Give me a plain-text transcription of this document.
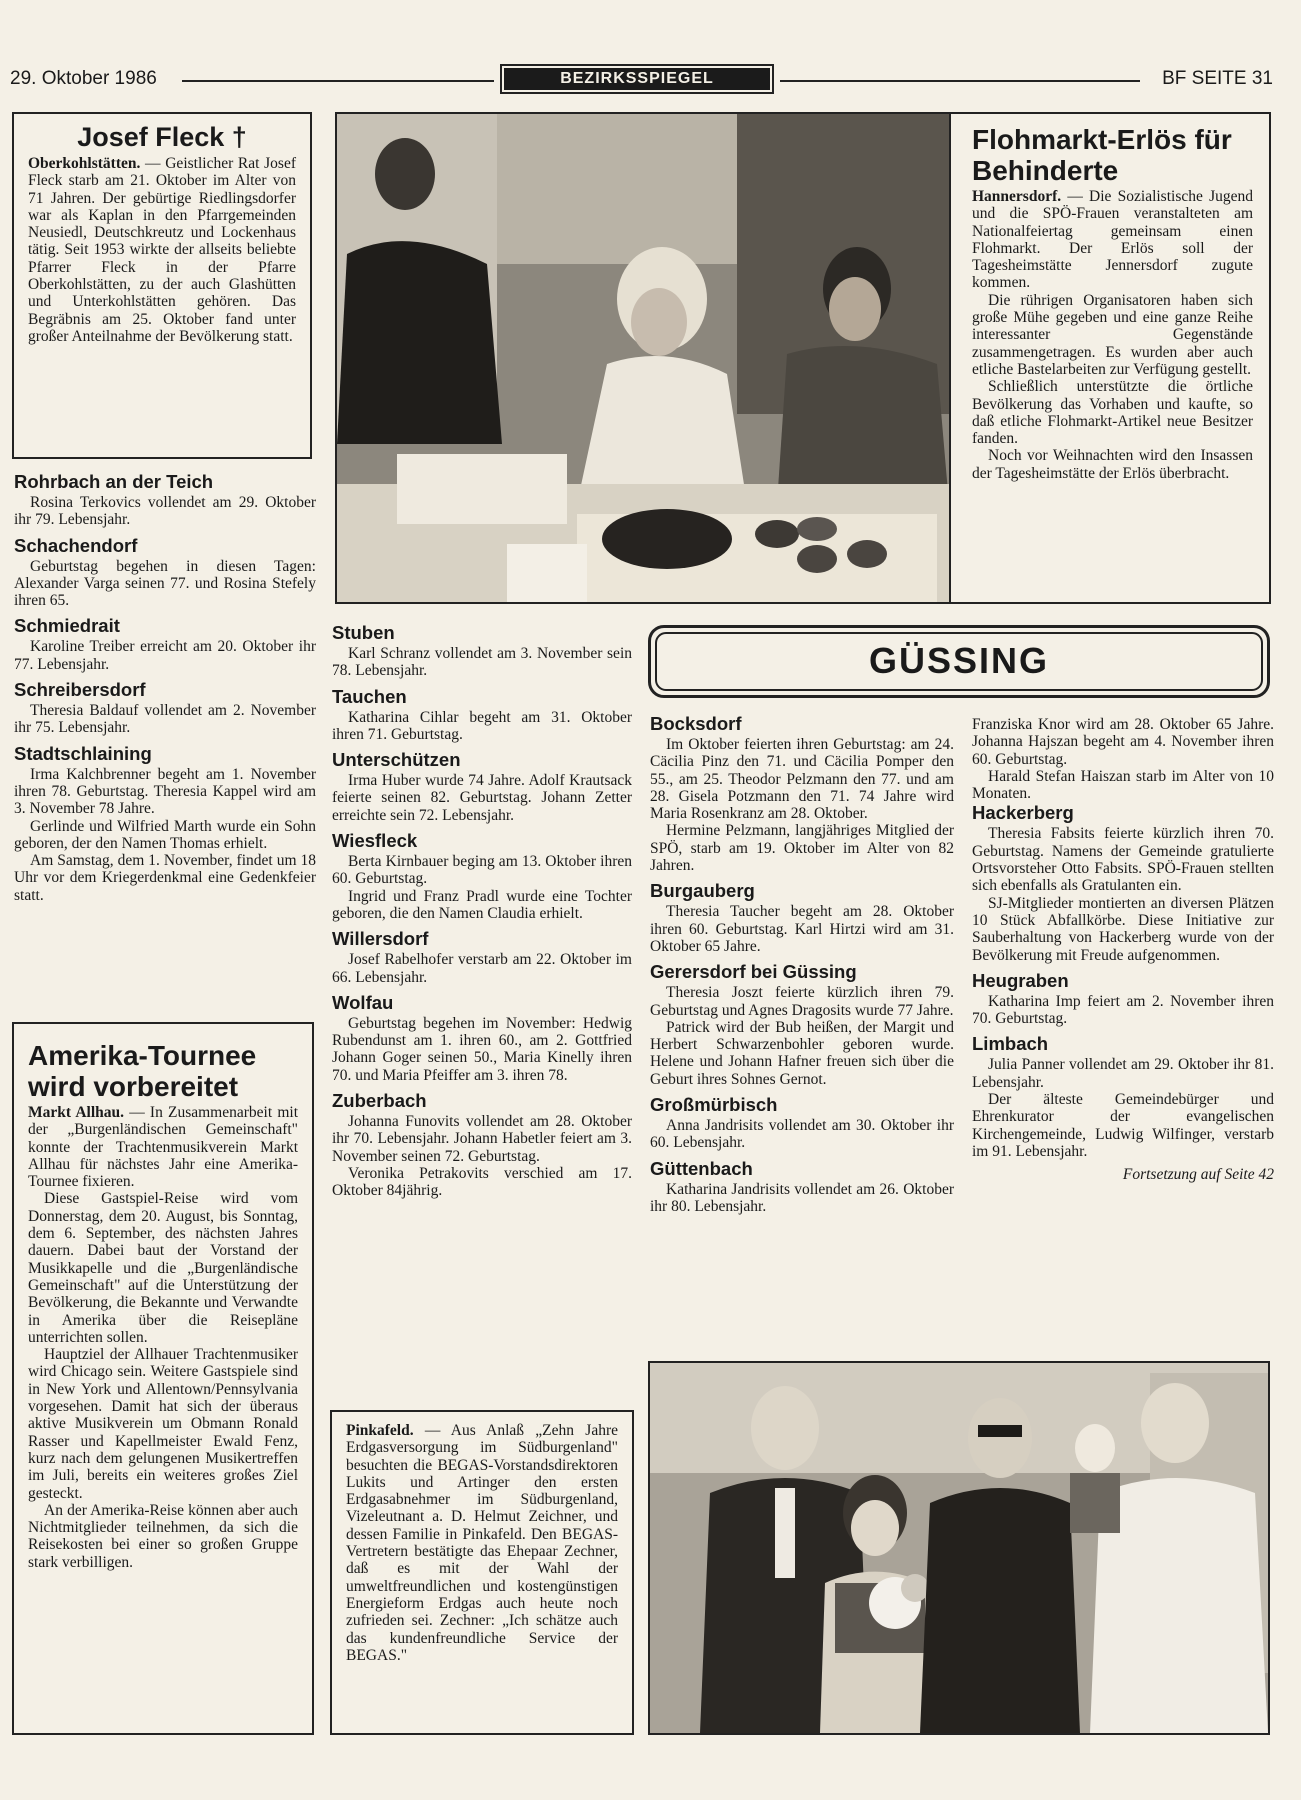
29. Oktober 1986	BEZIRKSSPIEGEL	BF SEITE 31
Josef Fleck †

Oberkohlstätten. — Geistlicher Rat Josef Fleck starb am 21. Oktober im Alter von 71 Jahren. Der gebürtige Riedlingsdorfer war als Kaplan in den Pfarrgemeinden Neusiedl, Deutschkreutz und Lockenhaus tätig. Seit 1953 wirkte der allseits beliebte Pfarrer Fleck in der Pfarre Oberkohlstätten, zu der auch Glashütten und Unterkohlstätten gehören. Das Begräbnis am 25. Oktober fand unter großer Anteilnahme der Bevölkerung statt.

Rohrbach an der Teich

Rosina Terkovics vollendet am 29. Oktober ihr 79. Lebensjahr.

Schachendorf

Geburtstag begehen in diesen Tagen: Alexander Varga seinen 77. und Rosina Stefely ihren 65.

Schmiedrait

Karoline Treiber erreicht am 20. Oktober ihr 77. Lebensjahr.

Schreibersdorf

Theresia Baldauf vollendet am 2. November ihr 75. Lebensjahr.

Stadtschlaining

Irma Kalchbrenner begeht am 1. November ihren 78. Geburtstag. Theresia Kappel wird am 3. November 78 Jahre.

Gerlinde und Wilfried Marth wurde ein Sohn geboren, der den Namen Thomas erhielt.

Am Samstag, dem 1. November, findet um 18 Uhr vor dem Kriegerdenkmal eine Gedenkfeier statt.

Amerika-Tournee wird vorbereitet

Markt Allhau. — In Zusammenarbeit mit der „Burgenländischen Gemeinschaft" konnte der Trachtenmusikverein Markt Allhau für nächstes Jahr eine Amerika-Tournee fixieren.

Diese Gastspiel-Reise wird vom Donnerstag, dem 20. August, bis Sonntag, dem 6. September, des nächsten Jahres dauern. Dabei baut der Vorstand der Musikkapelle und die „Burgenländische Gemeinschaft" auf die Unterstützung der Bevölkerung, die Bekannte und Verwandte in Amerika über die Reisepläne unterrichten sollen.

Hauptziel der Allhauer Trachtenmusiker wird Chicago sein. Weitere Gastspiele sind in New York und Allentown/Pennsylvania vorgesehen. Damit hat sich der überaus aktive Musikverein um Obmann Ronald Rasser und Kapellmeister Ewald Fenz, kurz nach dem gelungenen Musikertreffen im Juli, bereits ein weiteres großes Ziel gesteckt.

An der Amerika-Reise können aber auch Nichtmitglieder teilnehmen, da sich die Reisekosten bei einer so großen Gruppe stark verbilligen.

Flohmarkt-Erlös für Behinderte

Hannersdorf. — Die Sozialistische Jugend und die SPÖ-Frauen veranstalteten am Nationalfeiertag gemeinsam einen Flohmarkt. Der Erlös soll der Tagesheimstätte Jennersdorf zugute kommen.

Die rührigen Organisatoren haben sich große Mühe gegeben und eine ganze Reihe interessanter Gegenstände zusammengetragen. Es wurden aber auch etliche Bastelarbeiten zur Verfügung gestellt.

Schließlich unterstützte die örtliche Bevölkerung das Vorhaben und kaufte, so daß etliche Flohmarkt-Artikel neue Besitzer fanden.

Noch vor Weihnachten wird den Insassen der Tagesheimstätte der Erlös überbracht.

Stuben

Karl Schranz vollendet am 3. November sein 78. Lebensjahr.

Tauchen

Katharina Cihlar begeht am 31. Oktober ihren 71. Geburtstag.

Unterschützen

Irma Huber wurde 74 Jahre. Adolf Krautsack feierte seinen 82. Geburtstag. Johann Zetter erreichte sein 72. Lebensjahr.

Wiesfleck

Berta Kirnbauer beging am 13. Oktober ihren 60. Geburtstag.

Ingrid und Franz Pradl wurde eine Tochter geboren, die den Namen Claudia erhielt.

Willersdorf

Josef Rabelhofer verstarb am 22. Oktober im 66. Lebensjahr.

Wolfau

Geburtstag begehen im November: Hedwig Rubendunst am 1. ihren 60., am 2. Gottfried Johann Goger seinen 50., Maria Kinelly ihren 70. und Maria Pfeiffer am 3. ihren 78.

Zuberbach

Johanna Funovits vollendet am 28. Oktober ihr 70. Lebensjahr. Johann Habetler feiert am 3. November seinen 72. Geburtstag.

Veronika Petrakovits verschied am 17. Oktober 84jährig.

Pinkafeld. — Aus Anlaß „Zehn Jahre Erdgasversorgung im Südburgenland" besuchten die BEGAS-Vorstandsdirektoren Lukits und Artinger den ersten Erdgasabnehmer im Südburgenland, Vizeleutnant a. D. Helmut Zeichner, und dessen Familie in Pinkafeld. Den BEGAS-Vertretern bestätigte das Ehepaar Zechner, daß es mit der Wahl der umweltfreundlichen und kostengünstigen Energieform Erdgas auch heute noch zufrieden sei. Zechner: „Ich schätze auch das kundenfreundliche Service der BEGAS."

GÜSSING
Bocksdorf

Im Oktober feierten ihren Geburtstag: am 24. Cäcilia Pinz den 71. und Cäcilia Pomper den 55., am 25. Theodor Pelzmann den 77. und am 28. Gisela Potzmann den 71. 74 Jahre wird Maria Rosenkranz am 28. Oktober.

Hermine Pelzmann, langjähriges Mitglied der SPÖ, starb am 19. Oktober im Alter von 82 Jahren.

Burgauberg

Theresia Taucher begeht am 28. Oktober ihren 60. Geburtstag. Karl Hirtzi wird am 31. Oktober 65 Jahre.

Gerersdorf bei Güssing

Theresia Joszt feierte kürzlich ihren 79. Geburtstag und Agnes Dragosits wurde 77 Jahre.

Patrick wird der Bub heißen, der Margit und Herbert Schwarzenbohler geboren wurde. Helene und Johann Hafner freuen sich über die Geburt ihres Sohnes Gernot.

Großmürbisch

Anna Jandrisits vollendet am 30. Oktober ihr 60. Lebensjahr.

Güttenbach

Katharina Jandrisits vollendet am 26. Oktober ihr 80. Lebensjahr.

Franziska Knor wird am 28. Oktober 65 Jahre. Johanna Hajszan begeht am 4. November ihren 60. Geburtstag.

Harald Stefan Haiszan starb im Alter von 10 Monaten.

Hackerberg

Theresia Fabsits feierte kürzlich ihren 70. Geburtstag. Namens der Gemeinde gratulierte Ortsvorsteher Otto Fabsits. SPÖ-Frauen stellten sich ebenfalls als Gratulanten ein.

SJ-Mitglieder montierten an diversen Plätzen 10 Stück Abfallkörbe. Diese Initiative zur Sauberhaltung von Hackerberg wurde von der Bevölkerung mit Freude aufgenommen.

Heugraben

Katharina Imp feiert am 2. November ihren 70. Geburtstag.

Limbach

Julia Panner vollendet am 29. Oktober ihr 81. Lebensjahr.

Der älteste Gemeindebürger und Ehrenkurator der evangelischen Kirchengemeinde, Ludwig Wilfinger, verstarb im 91. Lebensjahr.

Fortsetzung auf Seite 42
